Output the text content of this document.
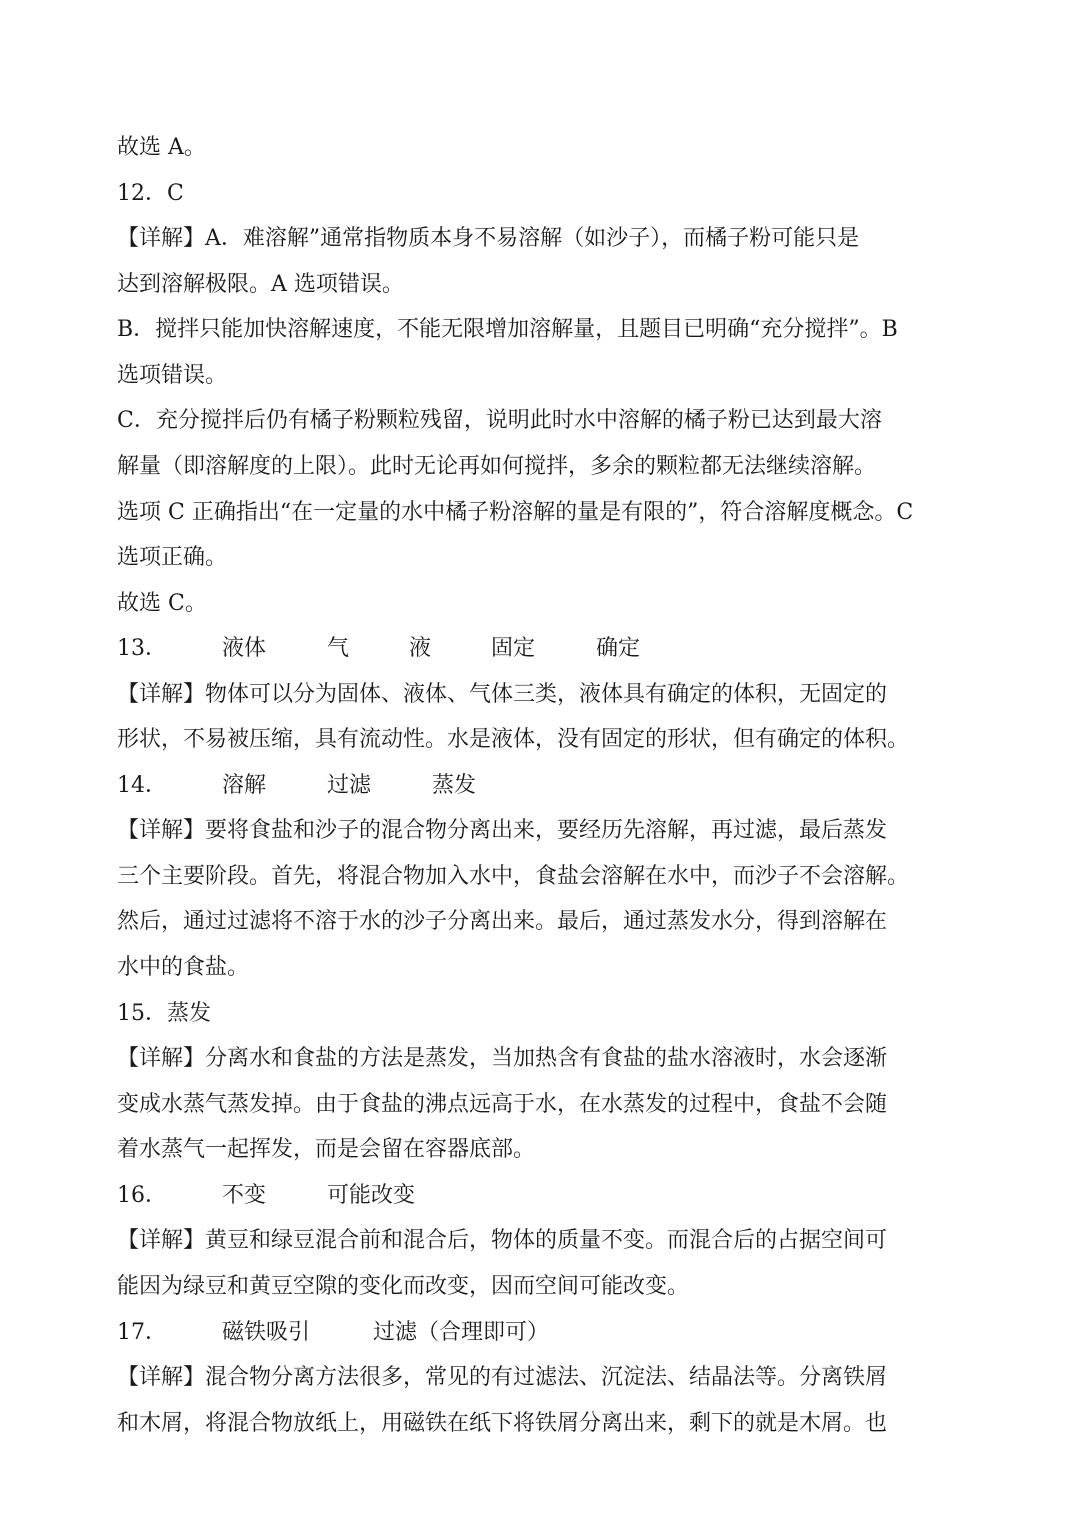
故选 A。
12．C
【详解】A．难溶解”通常指物质本身不易溶解（如沙子），而橘子粉可能只是
达到溶解极限。A 选项错误。
B．搅拌只能加快溶解速度，不能无限增加溶解量，且题目已明确“充分搅拌”。B
选项错误。
C．充分搅拌后仍有橘子粉颗粒残留，说明此时水中溶解的橘子粉已达到最大溶
解量（即溶解度的上限）。此时无论再如何搅拌，多余的颗粒都无法继续溶解。
选项 C 正确指出“在一定量的水中橘子粉溶解的量是有限的”，符合溶解度概念。C
选项正确。
故选 C。
13．	液体	气	液	固定	确定
【详解】物体可以分为固体、液体、气体三类，液体具有确定的体积，无固定的
形状，不易被压缩，具有流动性。水是液体，没有固定的形状，但有确定的体积。
14．	溶解	过滤	蒸发
【详解】要将食盐和沙子的混合物分离出来，要经历先溶解，再过滤，最后蒸发
三个主要阶段。首先，将混合物加入水中，食盐会溶解在水中，而沙子不会溶解。
然后，通过过滤将不溶于水的沙子分离出来。最后，通过蒸发水分，得到溶解在
水中的食盐。
15．蒸发
【详解】分离水和食盐的方法是蒸发，当加热含有食盐的盐水溶液时，水会逐渐
变成水蒸气蒸发掉。由于食盐的沸点远高于水，在水蒸发的过程中，食盐不会随
着水蒸气一起挥发，而是会留在容器底部。
16．	不变	可能改变
【详解】黄豆和绿豆混合前和混合后，物体的质量不变。而混合后的占据空间可
能因为绿豆和黄豆空隙的变化而改变，因而空间可能改变。
17．	磁铁吸引	过滤（合理即可）
【详解】混合物分离方法很多，常见的有过滤法、沉淀法、结晶法等。分离铁屑
和木屑，将混合物放纸上，用磁铁在纸下将铁屑分离出来，剩下的就是木屑。也
